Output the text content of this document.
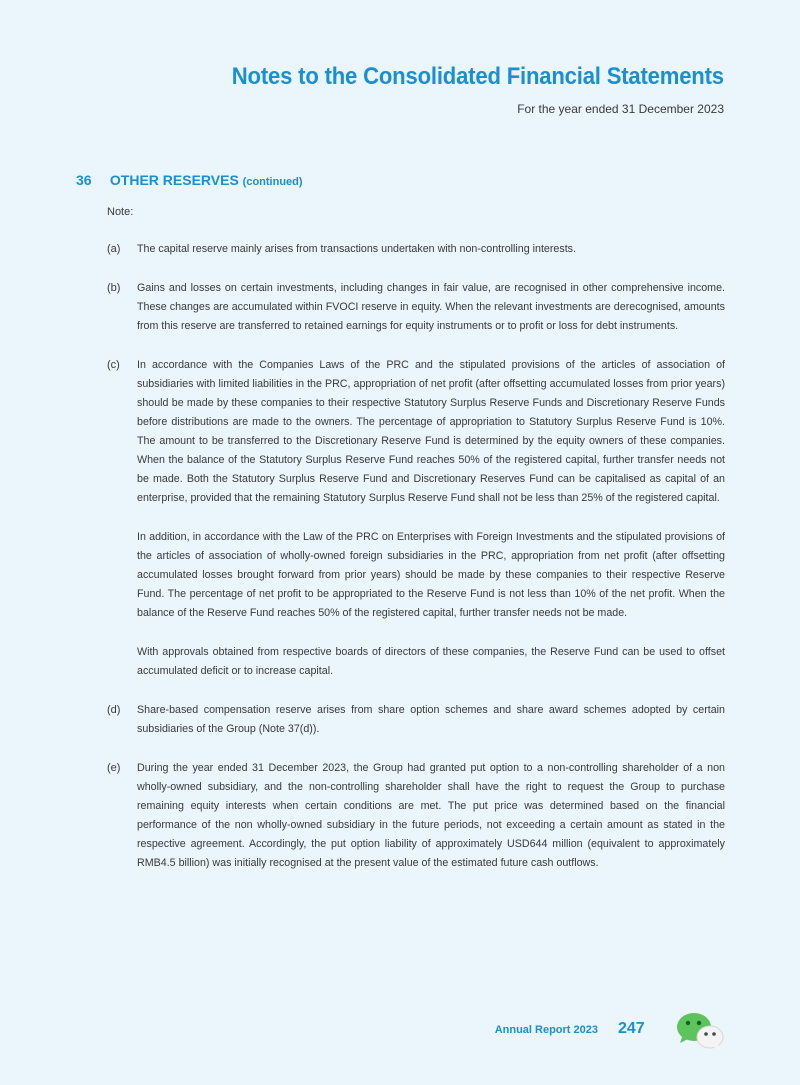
Notes to the Consolidated Financial Statements
For the year ended 31 December 2023
36 OTHER RESERVES (continued)
Note:
(a) The capital reserve mainly arises from transactions undertaken with non-controlling interests.

(b) Gains and losses on certain investments, including changes in fair value, are recognised in other comprehensive income. These changes are accumulated within FVOCI reserve in equity. When the relevant investments are derecognised, amounts from this reserve are transferred to retained earnings for equity instruments or to profit or loss for debt instruments.

(c) In accordance with the Companies Laws of the PRC and the stipulated provisions of the articles of association of subsidiaries with limited liabilities in the PRC, appropriation of net profit (after offsetting accumulated losses from prior years) should be made by these companies to their respective Statutory Surplus Reserve Funds and Discretionary Reserve Funds before distributions are made to the owners. The percentage of appropriation to Statutory Surplus Reserve Fund is 10%. The amount to be transferred to the Discretionary Reserve Fund is determined by the equity owners of these companies. When the balance of the Statutory Surplus Reserve Fund reaches 50% of the registered capital, further transfer needs not be made. Both the Statutory Surplus Reserve Fund and Discretionary Reserves Fund can be capitalised as capital of an enterprise, provided that the remaining Statutory Surplus Reserve Fund shall not be less than 25% of the registered capital.

In addition, in accordance with the Law of the PRC on Enterprises with Foreign Investments and the stipulated provisions of the articles of association of wholly-owned foreign subsidiaries in the PRC, appropriation from net profit (after offsetting accumulated losses brought forward from prior years) should be made by these companies to their respective Reserve Fund. The percentage of net profit to be appropriated to the Reserve Fund is not less than 10% of the net profit. When the balance of the Reserve Fund reaches 50% of the registered capital, further transfer needs not be made.

With approvals obtained from respective boards of directors of these companies, the Reserve Fund can be used to offset accumulated deficit or to increase capital.

(d) Share-based compensation reserve arises from share option schemes and share award schemes adopted by certain subsidiaries of the Group (Note 37(d)).

(e) During the year ended 31 December 2023, the Group had granted put option to a non-controlling shareholder of a non wholly-owned subsidiary, and the non-controlling shareholder shall have the right to request the Group to purchase remaining equity interests when certain conditions are met. The put price was determined based on the financial performance of the non wholly-owned subsidiary in the future periods, not exceeding a certain amount as stated in the respective agreement. Accordingly, the put option liability of approximately USD644 million (equivalent to approximately RMB4.5 billion) was initially recognised at the present value of the estimated future cash outflows.

Annual Report 2023 247
